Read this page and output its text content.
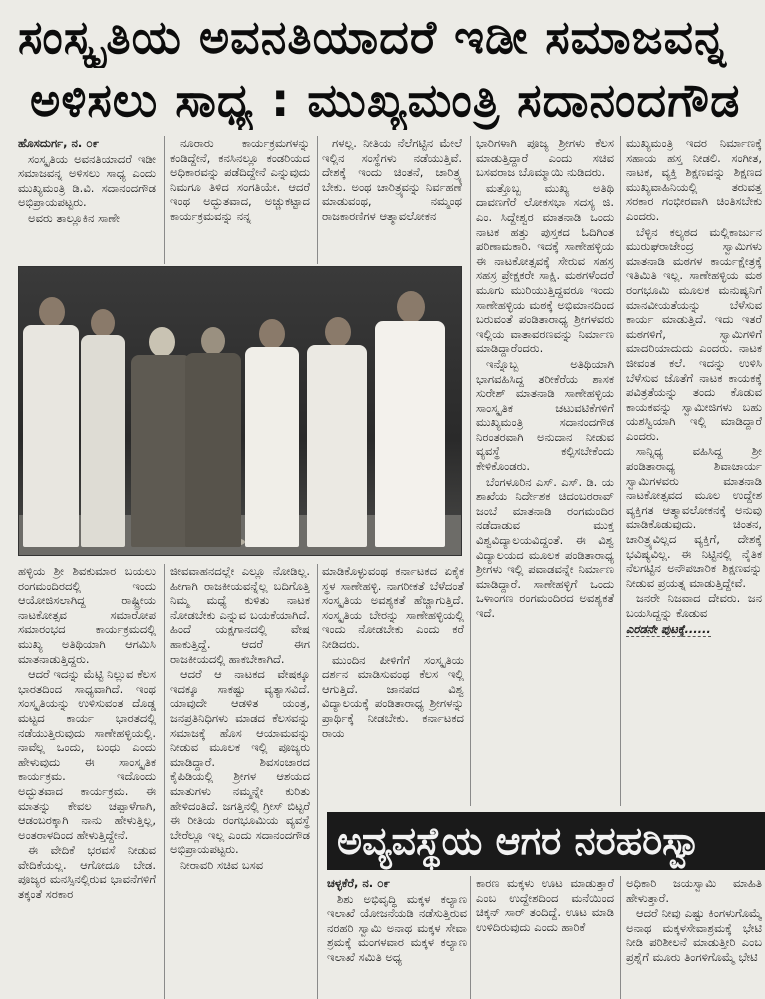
ಸಂಸ್ಕೃತಿಯ ಅವನತಿಯಾದರೆ ಇಡೀ ಸಮಾಜವನ್ನ
ಅಳಿಸಲು ಸಾಧ್ಯ : ಮುಖ್ಯಮಂತ್ರಿ ಸದಾನಂದಗೌಡ

ಹೊಸದುರ್ಗ, ನ. ೦೯

ಸಂಸ್ಕೃತಿಯ ಅವನತಿಯಾದರೆ ಇಡೀ ಸಮಾಜವನ್ನ ಅಳಿಸಲು ಸಾಧ್ಯ ಎಂದು ಮುಖ್ಯಮಂತ್ರಿ ಡಿ.ವಿ. ಸದಾನಂದಗೌಡ ಅಭಿಪ್ರಾಯಪಟ್ಟರು.

ಅವರು ತಾಲ್ಲೂಕಿನ ಸಾಣೇ

ನೂರಾರು ಕಾರ್ಯಕ್ರಮಗಳನ್ನು ಕಂಡಿದ್ದೇನೆ, ಕನಸಿನಲ್ಲೂ ಕಂಡರಿಯದ ಅಧಿಕಾರವನ್ನು ಪಡೆದಿದ್ದೇನೆ ಎನ್ನುವುದು ನಿಮಗೂ ತಿಳಿದ ಸಂಗತಿಯೇ. ಆದರೆ ಇಂಥ ಅದ್ಭುತವಾದ, ಅಚ್ಚುಕಟ್ಟಾದ ಕಾರ್ಯಕ್ರಮವನ್ನು ನನ್ನ

ಗಳಲ್ಲ. ನೀತಿಯ ನೆಲೆಗಟ್ಟಿನ ಮೇಲೆ ಇಲ್ಲಿನ ಸಂಸ್ಥೆಗಳು ನಡೆಯುತ್ತಿವೆ. ದೇಶಕ್ಕೆ ಇಂದು ಚಿಂತನೆ, ಚಾರಿತ್ರ್ಯ ಬೇಕು. ಅಂಥ ಚಾರಿತ್ರ್ಯವನ್ನು ನಿರ್ವಹಣೆ ಮಾಡುವಂಥ, ನಮ್ಮಂಥ ರಾಜಕಾರಣಿಗಳ ಆತ್ಮಾವಲೋಕನ

ಭಾರಿಗಳಾಗಿ ಪೂಜ್ಯ ಶ್ರೀಗಳು ಕೆಲಸ ಮಾಡುತ್ತಿದ್ದಾರೆ ಎಂದು ಸಚಿವ ಬಸವರಾಜ ಬೊಮ್ಮಾಯಿ ನುಡಿದರು.

ಮತ್ತೊಬ್ಬ ಮುಖ್ಯ ಅತಿಥಿ ದಾವಣಗೆರೆ ಲೋಕಸಭಾ ಸದಸ್ಯ ಜಿ. ಎಂ. ಸಿದ್ದೇಶ್ವರ ಮಾತನಾಡಿ ಒಂದು ನಾಟಕ ಹತ್ತು ಪುಸ್ತಕದ ಓದಿಗಿಂತ ಪರಿಣಾಮಕಾರಿ. ಇದಕ್ಕೆ ಸಾಣೇಹಳ್ಳಿಯ ಈ ನಾಟಕೋತ್ಸವಕ್ಕೆ ಸೇರುವ ಸಹಸ್ರ ಸಹಸ್ರ ಪ್ರೇಕ್ಷಕರೇ ಸಾಕ್ಷಿ. ಮಠಗಳೆಂದರೆ ಮೂಗು ಮುರಿಯುತ್ತಿದ್ದವರೂ ಇಂದು ಸಾಣೇಹಳ್ಳಿಯ ಮಠಕ್ಕೆ ಅಭಿಮಾನದಿಂದ ಬರುವಂತೆ ಪಂಡಿತಾರಾಧ್ಯ ಶ್ರೀಗಳವರು ಇಲ್ಲಿಯ ವಾತಾವರಣವನ್ನು ನಿರ್ಮಾಣ ಮಾಡಿದ್ದಾರೆಂದರು.

ಇನ್ನೊಬ್ಬ ಅತಿಥಿಯಾಗಿ ಭಾಗವಹಿಸಿದ್ದ ತರೀಕೆರೆಯ ಶಾಸಕ ಸುರೇಶ್ ಮಾತನಾಡಿ ಸಾಣೇಹಳ್ಳಿಯ ಸಾಂಸ್ಕೃತಿಕ ಚಟುವಟಿಕೆಗಳಿಗೆ ಮುಖ್ಯಮಂತ್ರಿ ಸದಾನಂದಗೌಡ ನಿರಂತರವಾಗಿ ಅನುದಾನ ನೀಡುವ ವ್ಯವಸ್ಥೆ ಕಲ್ಪಿಸಬೇಕೆಂದು ಕೇಳಿಕೊಂಡರು.

ಬೆಂಗಳೂರಿನ ಎಸ್. ಎಸ್. ಡಿ. ಯ ಶಾಖೆಯ ನಿರ್ದೇಶಕ ಚಿದಂಬರರಾವ್ ಜಂಬೆ ಮಾತನಾಡಿ ರಂಗಮಂದಿರ ನಡೆದಾಡುವ ಮುಕ್ತ ವಿಶ್ವವಿದ್ಯಾಲಯವಿದ್ದಂತೆ. ಈ ವಿಶ್ವ ವಿದ್ಯಾಲಯದ ಮೂಲಕ ಪಂಡಿತಾರಾಧ್ಯ ಶ್ರೀಗಳು ಇಲ್ಲಿ ಪವಾಡವನ್ನೇ ನಿರ್ಮಾಣ ಮಾಡಿದ್ದಾರೆ. ಸಾಣೇಹಳ್ಳಿಗೆ ಒಂದು ಒಳಾಂಗಣ ರಂಗಮಂದಿರದ ಅವಶ್ಯಕತೆ ಇದೆ.

ಮುಖ್ಯಮಂತ್ರಿ ಇದರ ನಿರ್ಮಾಣಕ್ಕೆ ಸಹಾಯ ಹಸ್ತ ನೀಡಲಿ. ಸಂಗೀತ, ನಾಟಕ, ವ್ಯಕ್ತಿ ಶಿಕ್ಷಣವನ್ನು ಶಿಕ್ಷಣದ ಮುಖ್ಯವಾಹಿನಿಯಲ್ಲಿ ತರುವತ್ತ ಸರಕಾರ ಗಂಭೀರವಾಗಿ ಚಿಂತಿಸಬೇಕು ಎಂದರು.

ಬೆಳ್ಳಿನ ಕಲ್ಯಠದ ಮಲ್ಲಿಕಾರ್ಜುನ ಮುರುಘರಾಜೇಂದ್ರ ಸ್ವಾಮಿಗಳು ಮಾತನಾಡಿ ಮಠಗಳ ಕಾರ್ಯಕ್ಷೇತ್ರಕ್ಕೆ ಇತಿಮಿತಿ ಇಲ್ಲ. ಸಾಣೇಹಳ್ಳಿಯ ಮಠ ರಂಗಭೂಮಿ ಮೂಲಕ ಮನುಷ್ಯನಿಗೆ ಮಾನವೀಯತೆಯನ್ನು ಬೆಳೆಸುವ ಕಾರ್ಯ ಮಾಡುತ್ತಿದೆ. ಇದು ಇತರೆ ಮಠಗಳಿಗೆ, ಸ್ವಾಮಿಗಳಿಗೆ ಮಾದರಿಯಾದುದು ಎಂದರು. ನಾಟಕ ಜೀವಂತ ಕಲೆ. ಇದನ್ನು ಉಳಿಸಿ ಬೆಳೆಸುವ ಜೊತೆಗೆ ನಾಟಕ ಕಾಯಕಕ್ಕೆ ಪವಿತ್ರತೆಯನ್ನು ತಂದು ಕೊಡುವ ಕಾಯಕವನ್ನು ಸ್ವಾಮೀಜಿಗಳು ಬಹು ಯಶಸ್ವಿಯಾಗಿ ಇಲ್ಲಿ ಮಾಡಿದ್ದಾರೆ ಎಂದರು.

ಸಾನ್ನಿಧ್ಯ ವಹಿಸಿದ್ದ ಶ್ರೀ ಪಂಡಿತಾರಾಧ್ಯ ಶಿವಾಚಾರ್ಯ ಸ್ವಾಮಿಗಳವರು ಮಾತನಾಡಿ ನಾಟಕೋತ್ಸವದ ಮೂಲ ಉದ್ದೇಶ ವ್ಯಕ್ತಿಗತ ಆತ್ಮಾವಲೋಕನಕ್ಕೆ ಅನುವು ಮಾಡಿಕೊಡುವುದು. ಚಿಂತನ, ಚಾರಿತ್ರ್ಯವಿಲ್ಲದ ವ್ಯಕ್ತಿಗೆ, ದೇಶಕ್ಕೆ ಭವಿಷ್ಯವಿಲ್ಲ. ಈ ನಿಟ್ಟಿನಲ್ಲಿ ನೈತಿಕ ನೆಲಗಟ್ಟಿನ ಅನೌಪಚಾರಿಕ ಶಿಕ್ಷಣವನ್ನು ನೀಡುವ ಪ್ರಯತ್ನ ಮಾಡುತ್ತಿದ್ದೇವೆ.

ಜನರೇ ನಿಜವಾದ ದೇವರು. ಜನ ಬಯಸಿದ್ದನ್ನು ಕೊಡುವ

ಎರಡನೇ ಪುಟಕ್ಕೆ......

ಹಳ್ಳಿಯ ಶ್ರೀ ಶಿವಕುಮಾರ ಬಯಲು ರಂಗಮಂದಿರದಲ್ಲಿ ಇಂದು ಆಯೋಜಿಸಲಾಗಿದ್ದ ರಾಷ್ಟ್ರೀಯ ನಾಟಕೋತ್ಸವ ಸಮಾರೋಪ ಸಮಾರಂಭದ ಕಾರ್ಯಕ್ರಮದಲ್ಲಿ ಮುಖ್ಯ ಅತಿಥಿಯಾಗಿ ಆಗಮಿಸಿ ಮಾತನಾಡುತ್ತಿದ್ದರು.

ಆದರೆ ಇದನ್ನು ಮೆಟ್ಟಿ ನಿಲ್ಲುವ ಕೆಲಸ ಭಾರತದಿಂದ ಸಾಧ್ಯವಾಗಿದೆ. ಇಂಥ ಸಂಸ್ಕೃತಿಯನ್ನು ಉಳಿಸುವಂತ ದೊಡ್ಡ ಮಟ್ಟದ ಕಾರ್ಯ ಭಾರತದಲ್ಲಿ ನಡೆಯುತ್ತಿರುವುದು ಸಾಣೇಹಳ್ಳಿಯಲ್ಲಿ. ನಾವೆಲ್ಲ ಒಂದು, ಬಂಧು ಎಂದು ಹೇಳುವುದು ಈ ಸಾಂಸ್ಕೃತಿಕ ಕಾರ್ಯಕ್ರಮ. ಇದೊಂದು ಅದ್ಭುತವಾದ ಕಾರ್ಯಕ್ರಮ. ಈ ಮಾತನ್ನು ಕೇವಲ ಚಪ್ಪಾಳೆಗಾಗಿ, ಆಡಂಬರಕ್ಕಾಗಿ ನಾನು ಹೇಳುತ್ತಿಲ್ಲ, ಅಂತರಾಳದಿಂದ ಹೇಳುತ್ತಿದ್ದೇನೆ.

ಈ ವೇದಿಕೆ ಭರವಸೆ ನೀಡುವ ವೇದಿಕೆಯಲ್ಲ. ಆಗೋದೂ ಬೇಡ. ಪೂಜ್ಯರ ಮನಸ್ಸಿನಲ್ಲಿರುವ ಭಾವನೆಗಳಿಗೆ ತಕ್ಕಂತೆ ಸರಕಾರ

ಜೀವವಾಹನದಲ್ಲೇ ಎಲ್ಲೂ ನೋಡಿಲ್ಲ. ಹೀಗಾಗಿ ರಾಜಕೀಯವನ್ನೆಲ್ಲ ಬದಿಗೊತ್ತಿ ನಿಮ್ಮ ಮಧ್ಯೆ ಕುಳಿತು ನಾಟಕ ನೋಡಬೇಕು ಎನ್ನುವ ಬಯಕೆಯಾಗಿದೆ. ಹಿಂದೆ ಯಕ್ಷಗಾನದಲ್ಲಿ ವೇಷ ಹಾಕುತ್ತಿದ್ದೆ. ಆದರೆ ಈಗ ರಾಜಕೀಯದಲ್ಲಿ ಹಾಕಬೇಕಾಗಿದೆ.

ಆದರೆ ಆ ನಾಟಕದ ವೇಷಕ್ಕೂ ಇದಕ್ಕೂ ಸಾಕಷ್ಟು ವ್ಯತ್ಯಾಸವಿದೆ. ಯಾವುದೇ ಆಡಳಿತ ಯಂತ್ರ, ಜನಪ್ರತಿನಿಧಿಗಳು ಮಾಡದ ಕೆಲಸವನ್ನು ಸಮಾಜಕ್ಕೆ ಹೊಸ ಆಯಾಮವನ್ನು ನೀಡುವ ಮೂಲಕ ಇಲ್ಲಿ ಪೂಜ್ಯರು ಮಾಡಿದ್ದಾರೆ. ಶಿವಸಂಚಾರದ ಕೈಪಿಡಿಯಲ್ಲಿ ಶ್ರೀಗಳ ಆಶಯದ ಮಾತುಗಳು ನಮ್ಮನ್ನೇ ಕುರಿತು ಹೇಳಿದಂತಿದೆ. ಜಗತ್ತಿನಲ್ಲಿ ಗ್ರೀಸ್ ಬಿಟ್ಟರೆ ಈ ರೀತಿಯ ರಂಗಭೂಮಿಯ ವ್ಯವಸ್ಥೆ ಬೇರೆಲ್ಲೂ ಇಲ್ಲ ಎಂದು ಸದಾನಂದಗೌಡ ಅಭಿಪ್ರಾಯಪಟ್ಟರು.

ನೀರಾವರಿ ಸಚಿವ ಬಸವ

ಮಾಡಿಕೊಳ್ಳುವಂಥ ಕರ್ನಾಟಕದ ಏಕೈಕ ಸ್ಥಳ ಸಾಣೇಹಳ್ಳಿ. ನಾಗರೀಕತೆ ಬೆಳೆದಂತೆ ಸಂಸ್ಕೃತಿಯ ಅವಶ್ಯಕತೆ ಹೆಚ್ಚಾಗುತ್ತಿದೆ. ಸಂಸ್ಕೃತಿಯ ಬೇರನ್ನು ಸಾಣೇಹಳ್ಳಿಯಲ್ಲಿ ಇಂದು ನೋಡಬೇಕು ಎಂದು ಕರೆ ನೀಡಿದರು.

ಮುಂದಿನ ಪೀಳಿಗೆಗೆ ಸಂಸ್ಕೃತಿಯ ದರ್ಶನ ಮಾಡಿಸುವಂಥ ಕೆಲಸ ಇಲ್ಲಿ ಆಗುತ್ತಿದೆ. ಜಾನಪದ ವಿಶ್ವ ವಿದ್ಯಾಲಯಕ್ಕೆ ಪಂಡಿತಾರಾಧ್ಯ ಶ್ರೀಗಳನ್ನು ಪ್ರಾರ್ಥಿಕ್ಕೆ ನೀಡಬೇಕು. ಕರ್ನಾಟಕದ ರಾಯ

ಅವ್ಯವಸ್ಥೆಯ ಆಗರ ನರಹರಿಸ್ವಾ

ಚಳ್ಳಕೆರೆ, ನ. ೦೯

ಶಿಶು ಅಭಿವೃದ್ಧಿ ಮಕ್ಕಳ ಕಲ್ಯಾಣ ಇಲಾಖೆ ಯೋಜನೆಯಡಿ ನಡೆಸುತ್ತಿರುವ ನರಹರಿ ಸ್ವಾಮಿ ಅನಾಥ ಮಕ್ಕಳ ಸೇವಾ ಶ್ರಮಕ್ಕೆ ಮಂಗಳವಾರ ಮಕ್ಕಳ ಕಲ್ಯಾಣ ಇಲಾಖೆ ಸಮಿತಿ ಅಧ್ಯ

ಕಾರಣ ಮಕ್ಕಳು ಊಟ ಮಾಡುತ್ತಾರೆ ಎಂಬ ಉದ್ದೇಶದಿಂದ ಮನೆಯಿಂದ ಚಿಕ್ಕನ್ ಸಾರ್ ತಂದಿದ್ದೆ. ಊಟ ಮಾಡಿ ಉಳಿದಿರುವುದು ಎಂದು ಹಾರಿಕೆ

ಅಧಿಕಾರಿ ಜಯಸ್ವಾಮಿ ಮಾಹಿತಿ ಹೇಳುತ್ತಾರೆ.

ಆದರೆ ನೀವು ಎಷ್ಟು ಕಿಂಗಳುಗೊಮ್ಮೆ ಅನಾಥ ಮಕ್ಕಳಸೇವಾಶ್ರಮಕ್ಕೆ ಭೇಟಿ ನೀಡಿ ಪರಿಶೀಲನೆ ಮಾಡುತ್ತೀರಿ ಎಂಬ ಪ್ರಶ್ನೆಗೆ ಮೂರು ತಿಂಗಳಿಗೊಮ್ಮೆ ಭೇಟಿ
